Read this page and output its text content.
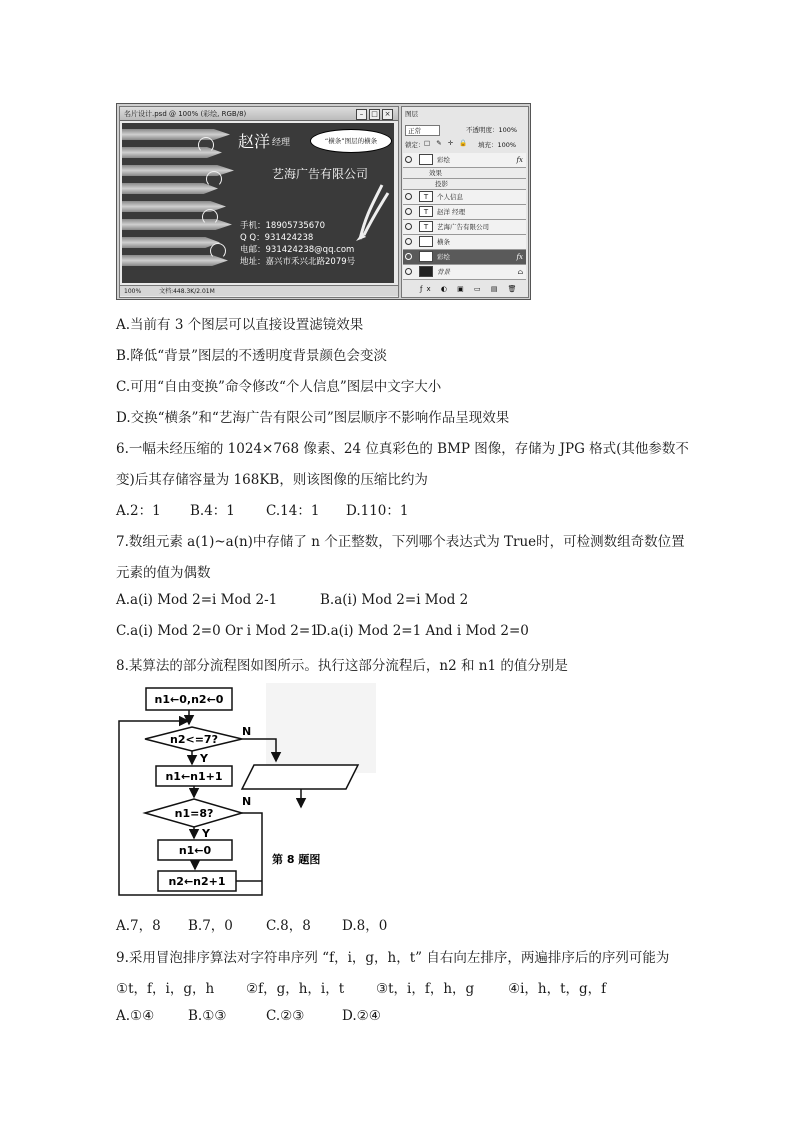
名片设计.psd @ 100% (彩绘, RGB/8)	–	□ ×
赵洋 经理	“横条”图层的横条
艺海广告有限公司
手机：18905735670
Q Q：931424238
电邮：931424238@qq.com
地址：嘉兴市禾兴北路2079号
100%	文档:448.3K/2.01M
图层
正常	不透明度：100%
锁定： □ ✎ ✛ 🔒 填充：100%
彩绘	fx
效果
投影
T	个人信息
T	赵洋 经理
T	艺海广告有限公司
横条
彩绘	fx
背景	⌂
ƒx ◐ ▣ ▭ ▤ 🗑
A.当前有 3 个图层可以直接设置滤镜效果
B.降低“背景”图层的不透明度背景颜色会变淡
C.可用“自由变换”命令修改“个人信息”图层中文字大小
D.交换“横条”和“艺海广告有限公司”图层顺序不影响作品呈现效果
6.一幅未经压缩的 1024×768 像素、24 位真彩色的 BMP 图像，存储为 JPG 格式(其他参数不
变)后其存储容量为 168KB，则该图像的压缩比约为
A.2：1 B.4：1 C.14：1 D.110：1
7.数组元素 a(1)~a(n)中存储了 n 个正整数，下列哪个表达式为 True时，可检测数组奇数位置
元素的值为偶数
A.a(i) Mod 2=i Mod 2-1	B.a(i) Mod 2=i Mod 2
C.a(i) Mod 2=0 Or i Mod 2=1
D.a(i) Mod 2=1 And i Mod 2=0
8.某算法的部分流程图如图所示。执行这部分流程后，n2 和 n1 的值分别是
n1←0,n2←0
n2<=7?
N
Y
n1←n1+1
n1=8?
N
Y
n1←0
n2←n2+1
第 8 题图
A.7，8 B.7，0 C.8，8 D.8，0
9.采用冒泡排序算法对字符串序列 “f，i，g，h，t” 自右向左排序，两遍排序后的序列可能为
①t，f，i，g，h ②f，g，h，i，t ③t，i，f，h，g	④i，h，t，g，f
A.①④	B.①③	C.②③	D.②④
